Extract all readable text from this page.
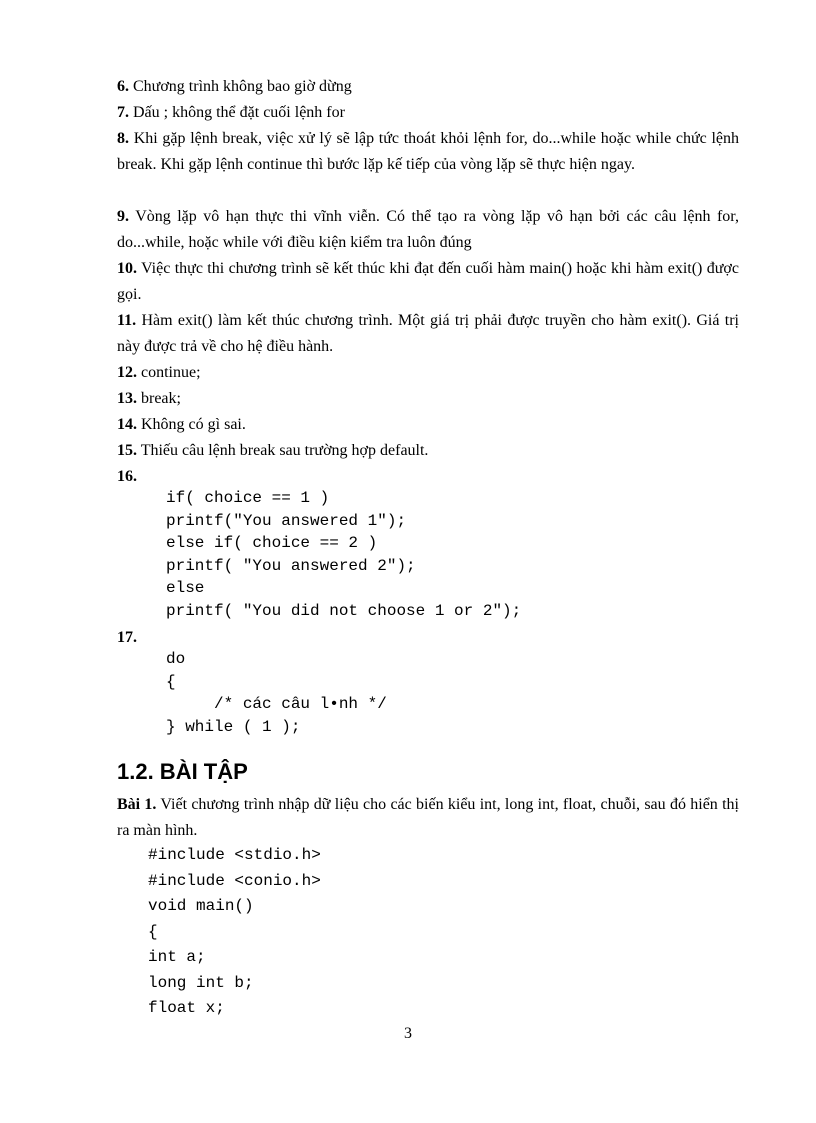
6. Chương trình không bao giờ dừng

7. Dấu ; không thể đặt cuối lệnh for

8. Khi gặp lệnh break, việc xử lý sẽ lập tức thoát khỏi lệnh for, do...while hoặc while chức lệnh break. Khi gặp lệnh continue thì bước lặp kế tiếp của vòng lặp sẽ thực hiện ngay.

9. Vòng lặp vô hạn thực thi vĩnh viễn. Có thể tạo ra vòng lặp vô hạn bởi các câu lệnh for, do...while, hoặc while với điều kiện kiểm tra luôn đúng

10. Việc thực thi chương trình sẽ kết thúc khi đạt đến cuối hàm main() hoặc khi hàm exit() được gọi.

11. Hàm exit() làm kết thúc chương trình. Một giá trị phải được truyền cho hàm exit(). Giá trị này được trả về cho hệ điều hành.

12. continue;

13. break;

14. Không có gì sai.

15. Thiếu câu lệnh break sau trường hợp default.

16.

if( choice == 1 )
printf("You answered 1");
else if( choice == 2 )
printf( "You answered 2");
else
printf( "You did not choose 1 or 2");

17.

do
{
/* các câu l•nh */
} while ( 1 );
1.2. BÀI TẬP

Bài 1. Viết chương trình nhập dữ liệu cho các biến kiểu int, long int, float, chuỗi, sau đó hiển thị ra màn hình.

#include <stdio.h>
#include <conio.h>
void main()
{
int a;
long int b;
float x;
3
